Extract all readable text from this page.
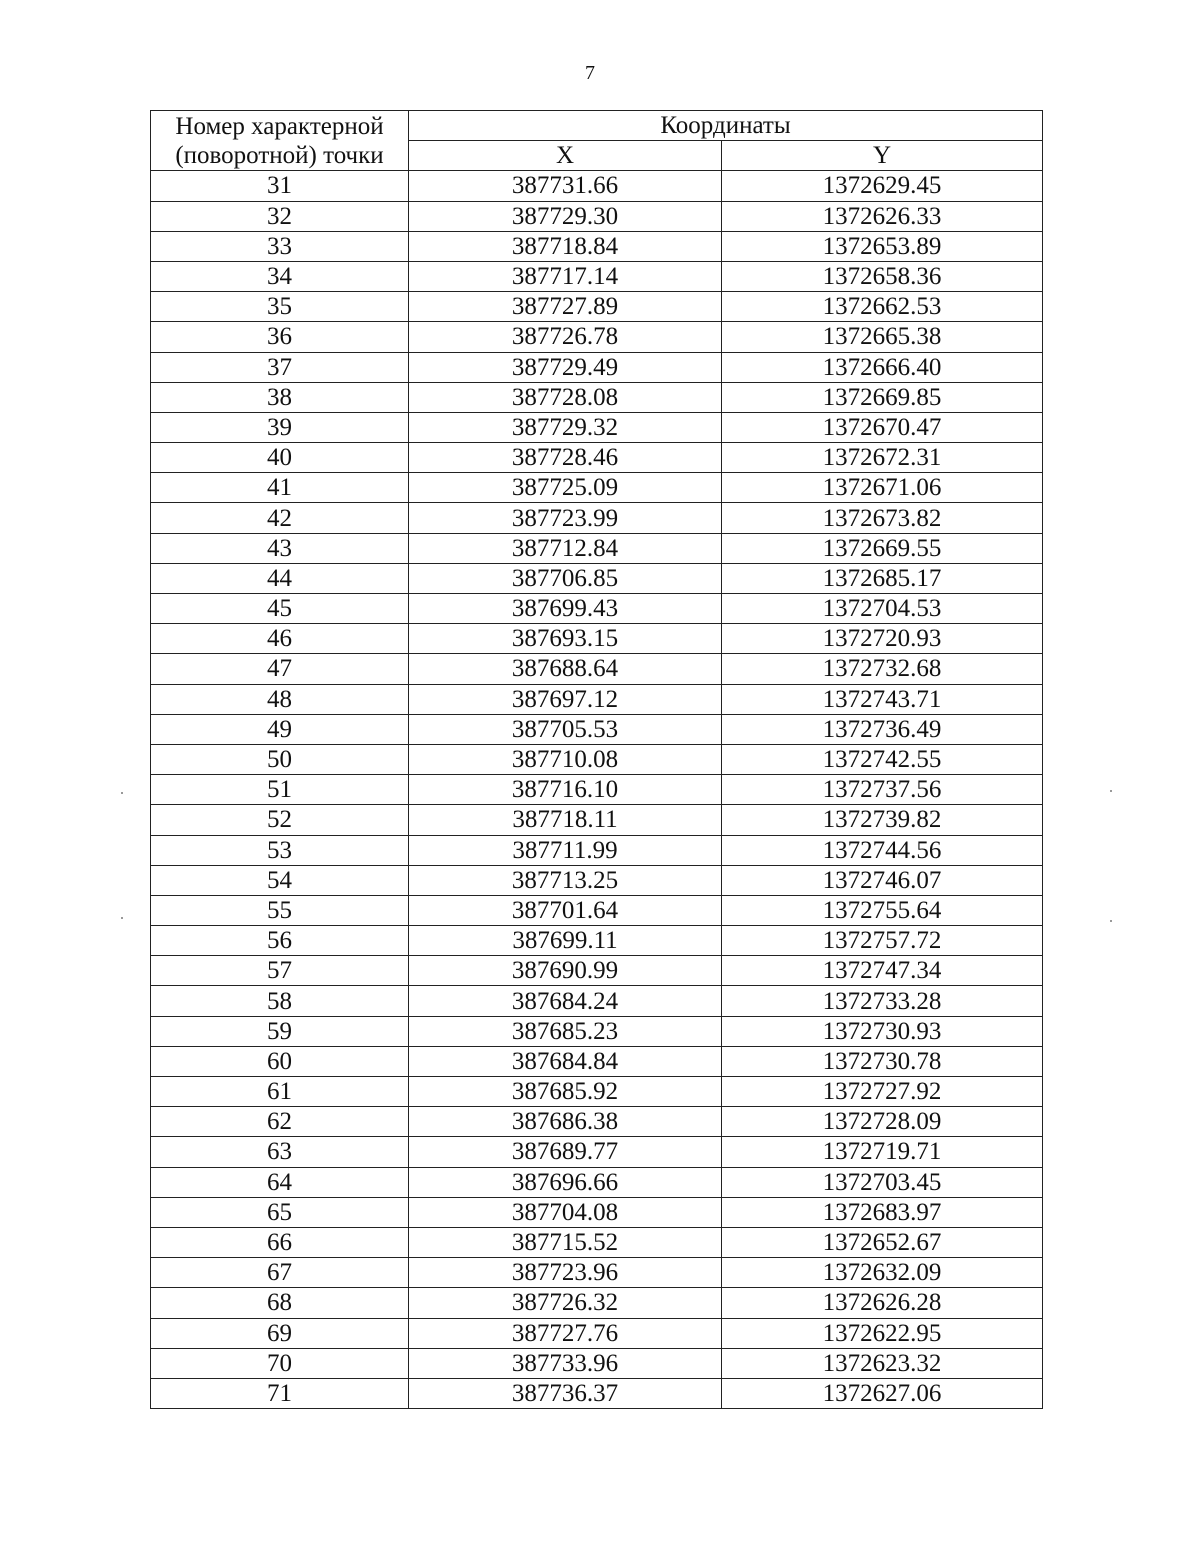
7
Номер характерной (поворотной) точки	Координаты	
	X	Y
31	387731.66	1372629.45
32	387729.30	1372626.33
33	387718.84	1372653.89
34	387717.14	1372658.36
35	387727.89	1372662.53
36	387726.78	1372665.38
37	387729.49	1372666.40
38	387728.08	1372669.85
39	387729.32	1372670.47
40	387728.46	1372672.31
41	387725.09	1372671.06
42	387723.99	1372673.82
43	387712.84	1372669.55
44	387706.85	1372685.17
45	387699.43	1372704.53
46	387693.15	1372720.93
47	387688.64	1372732.68
48	387697.12	1372743.71
49	387705.53	1372736.49
50	387710.08	1372742.55
51	387716.10	1372737.56
52	387718.11	1372739.82
53	387711.99	1372744.56
54	387713.25	1372746.07
55	387701.64	1372755.64
56	387699.11	1372757.72
57	387690.99	1372747.34
58	387684.24	1372733.28
59	387685.23	1372730.93
60	387684.84	1372730.78
61	387685.92	1372727.92
62	387686.38	1372728.09
63	387689.77	1372719.71
64	387696.66	1372703.45
65	387704.08	1372683.97
66	387715.52	1372652.67
67	387723.96	1372632.09
68	387726.32	1372626.28
69	387727.76	1372622.95
70	387733.96	1372623.32
71	387736.37	1372627.06
